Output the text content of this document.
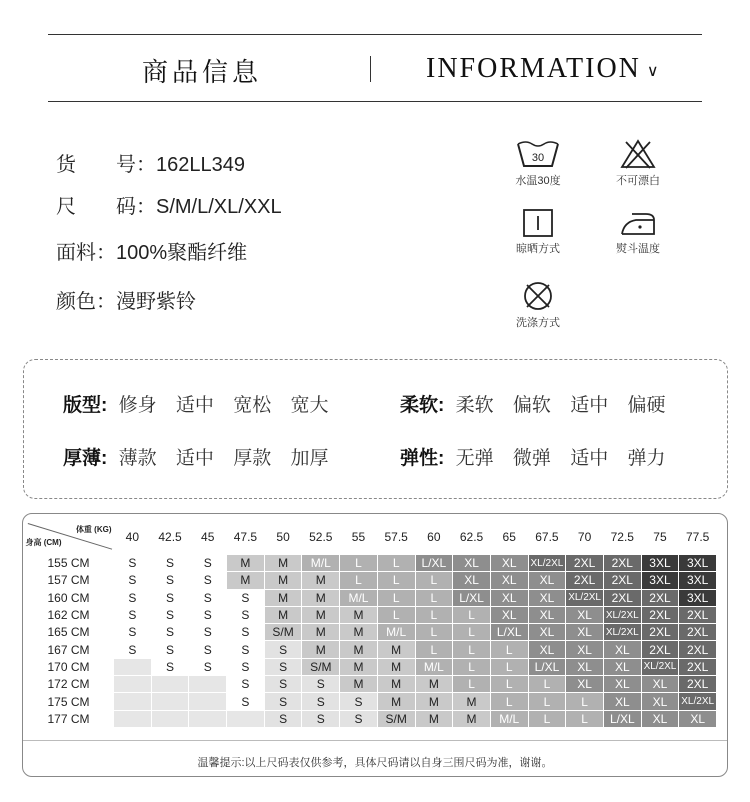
商品信息	INFORMATION ∨
货　　号：162LL349
尺　　码：S/M/L/XL/XXL
面料：100%聚酯纤维
颜色：漫野紫铃
30
水温30度	不可漂白
晾晒方式	熨斗温度
洗涤方式
版型: 修身 适中 宽松 宽大	柔软: 柔软 偏软 适中 偏硬
厚薄: 薄款 适中 厚款 加厚	弹性: 无弹 微弹 适中 弹力
体重 (KG)
身高 (CM)	40	42.5	45	47.5	50	52.5	55	57.5	60	62.5	65	67.5	70	72.5	75	77.5
155 CM	S	S	S	M	M	M/L	L	L	L/XL	XL	XL	XL/2XL	2XL	2XL	3XL	3XL
157 CM	S	S	S	M	M	M	L	L	L	XL	XL	XL	2XL	2XL	3XL	3XL
160 CM	S	S	S	S	M	M	M/L	L	L	L/XL	XL	XL	XL/2XL	2XL	2XL	3XL
162 CM	S	S	S	S	M	M	M	L	L	L	XL	XL	XL	XL/2XL	2XL	2XL
165 CM	S	S	S	S	S/M	M	M	M/L	L	L	L/XL	XL	XL	XL/2XL	2XL	2XL
167 CM	S	S	S	S	S	M	M	M	L	L	L	XL	XL	XL	2XL	2XL
170 CM		S	S	S	S	S/M	M	M	M/L	L	L	L/XL	XL	XL	XL/2XL	2XL
172 CM				S	S	S	M	M	M	L	L	L	XL	XL	XL	2XL
175 CM				S	S	S	S	M	M	M	L	L	L	XL	XL	XL/2XL
177 CM					S	S	S	S/M	M	M	M/L	L	L	L/XL	XL	XL
温馨提示:以上尺码表仅供参考，具体尺码请以自身三围尺码为准，谢谢。
